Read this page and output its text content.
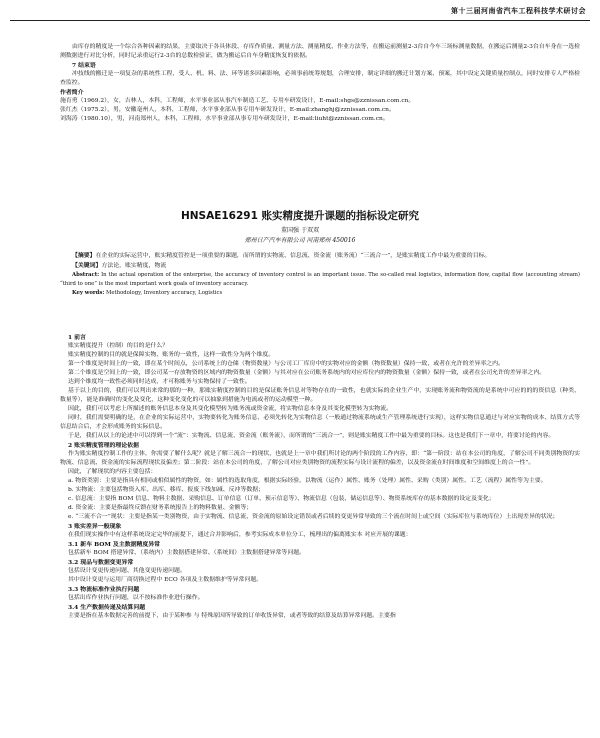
第十三届河南省汽车工程科技学术研讨会

由库存的精度是一个综合各种因素的结果，主要取决于各具体段、存库作质量、测量方法、测量精度、作业方法等，在搬运前测量2-3台自今车三场标测量数据，在搬运后测量2-3台自车身在一选检测数据进行对比分析，同时记录重运行2-3台的总数检验证，做为搬运后自车身精度恢复的依据。

7 结束语

冲技线的搬迁是一项复杂的系统性工程，受人、机、料、法、环等诸多因素影响，必须事前统筹规划，合理安排，制定详细的搬迁计划方案、预案，其中设定关键质量控制点，同时安排专人严格检查监控。

作者简介

施育勇（1969.2），女，吉林人，本科，工程师，水平事业部从事汽车制造工艺、专用车研发设计，E-mail:shgs@zznissan.com.cn。

张红杰（1975.2），男，安徽亳州人，本科，工程师，水平事业部从事专用车研发设计，E-mail:zhanghj@zznissan.com.cn。

刘海涛（1980.10），男，河南郑州人，本科，工程师，水平事业部从事专用车研发设计，E-mail:liuht@zznissan.com.cn。

HNSAE16291 账实精度提升课题的指标设定研究
董国强 于双双
郑州日产汽车有限公司 河南郑州 450016

【摘要】在企业的实际运营中，账实精度管控是一项重要的课题，而所谓的实物流、信息流、资金流（账务流）“三流合一”，是账实精度工作中最为重要的目标。

【关键词】方法论，账实精度，物流

Abstract: In the actual operation of the enterprise, the accuracy of inventory control is an important issue. The so-called real logistics, information flow, capital flow (accounting stream) “third to one” is the most important work goals of inventory accuracy.

Key words: Methodology, Inventory accuracy, Logistics

1 前言

账实精度提升（控制）的目的是什么？

账实精度控制的目的就是保障实物、账务的一致性，这样一致性分为两个维度。

第一个维度是时间上的一致，即在某个时间点，公司系统上的仓储（物资数量）与公司工厂库房中的实物对应的金额（物资数量）保持一致，或者在允许的差异率之内。

第二个维度是空间上的一致，即公司某一存放物资的区域内的物资数量（金额）与其对应在公司账务系统内的对应库位内的物资数量（金额）保持一致，或者在公司允许的差异率之内。

达到个维度均一致性必须同时达成，才可称账务与实物保持了一致性。

基于以上的目的，我们可以判出来常的那的一种，那账实精度控制的目的是保证账务信息对等物存在的一致性，也就实际的企业生产中，实现账务流和物资流的是系统中可应的的的资信息（种类、数量等），能是准确时的变化及变化，这种变化变化的可以抽象到措施为电流或者的运动模型一种。

因此，我们可以考虑上所描述的账务信息本身及其变化模型转为账务流或资金流，将实物信息本身及其变化模型转为实物流。

同时，我们需要明确的是，在企业的实际运营中，实物要转化为账务信息，必须先转化为实物信息（一般通过物流系统或生产管理系统进行实现），这样实物信息通过与对应实物的成本、结算方式等信息结合后，才会形成账务的实际信息。

于是，我们从以上的论述中可以得到一个“流”：实物流、信息流、资金流（账务流），而所谓的“三流合一”，则是账实精度工作中最为重要的目标。这也是我们下一章中，将要讨论的内容。

2 账实精度管理的理论依据

作为账实精度控制工作的主体，你需要了解什么呢？就是了解三流合一的现状，也就是上一章中我们所讨论的两个阶段的工作内容，即：“第一阶段：站在本公司的角度，了解公司不同类别物资的实物流、信息流、资金流的实际流程现状及偏差；第二阶段：站在本公司的角度，了解公司对应类别物资的流程实际与设计流程的偏差，以及资金流在时间维度和空间维度上的合一性”。

因此，了解现状的内容主要包括：

a. 物资类别：主要是指具有相同或相似属性的物资，如：属性的选取角度，根据实际经验，以物流（运作）属性、账务（处理）属性、采购（类别）属性、工艺（流程）属性等为主要。

b. 实物流：主要包括物资入库、出库、移库、报废下线加减、反冲等数据；

c. 信息流：主要指 BOM 信息、物料主数据、采购信息、订单信息（订单、预示信息等）、物流信息（包装、储运信息等）、物资系统库存的基本数据的设定及变化；

d. 资金流：主要是指最终反馈在财务系统报告上的物料数量、金额等；

e. “三流不合一”现状：主要是指某一类别物资，由于实物流、信息流、资金流的原始设定错误或者后续的变更异常导致的三个流在时间上或空间（实际库位与系统库位）上出现差异的状况；

3 账实差异一般现象

在我们现实操作中有这样系统设定完毕的前提下，通过合并影响后，参考实际成本单位分工，梳理出的偏离账实本 对应开展的课题：

3.1 新车 BOM 及主数据精度异常

包括新车 BOM 搭建异常、（系统内）主数据搭建异常、（系统间）主数据搭建异常等问题。

3.2 现品与数据变更异常

包括设计变更传递问题、其他变更传递问题。

其中设计变更与运用厂商切换过程中 ECO 各项及主数据维护等异常问题。

3.3 物流标准作业执行问题

包括出库作业执行问题，以不按标准作业进行操作。

3.4 生产数据传递及结算问题

主要是指在基本数据完善的前提下，由于某种参 与 特殊原因所导致的订单收货异常，或者等致的结算及结算异常问题。主要指
